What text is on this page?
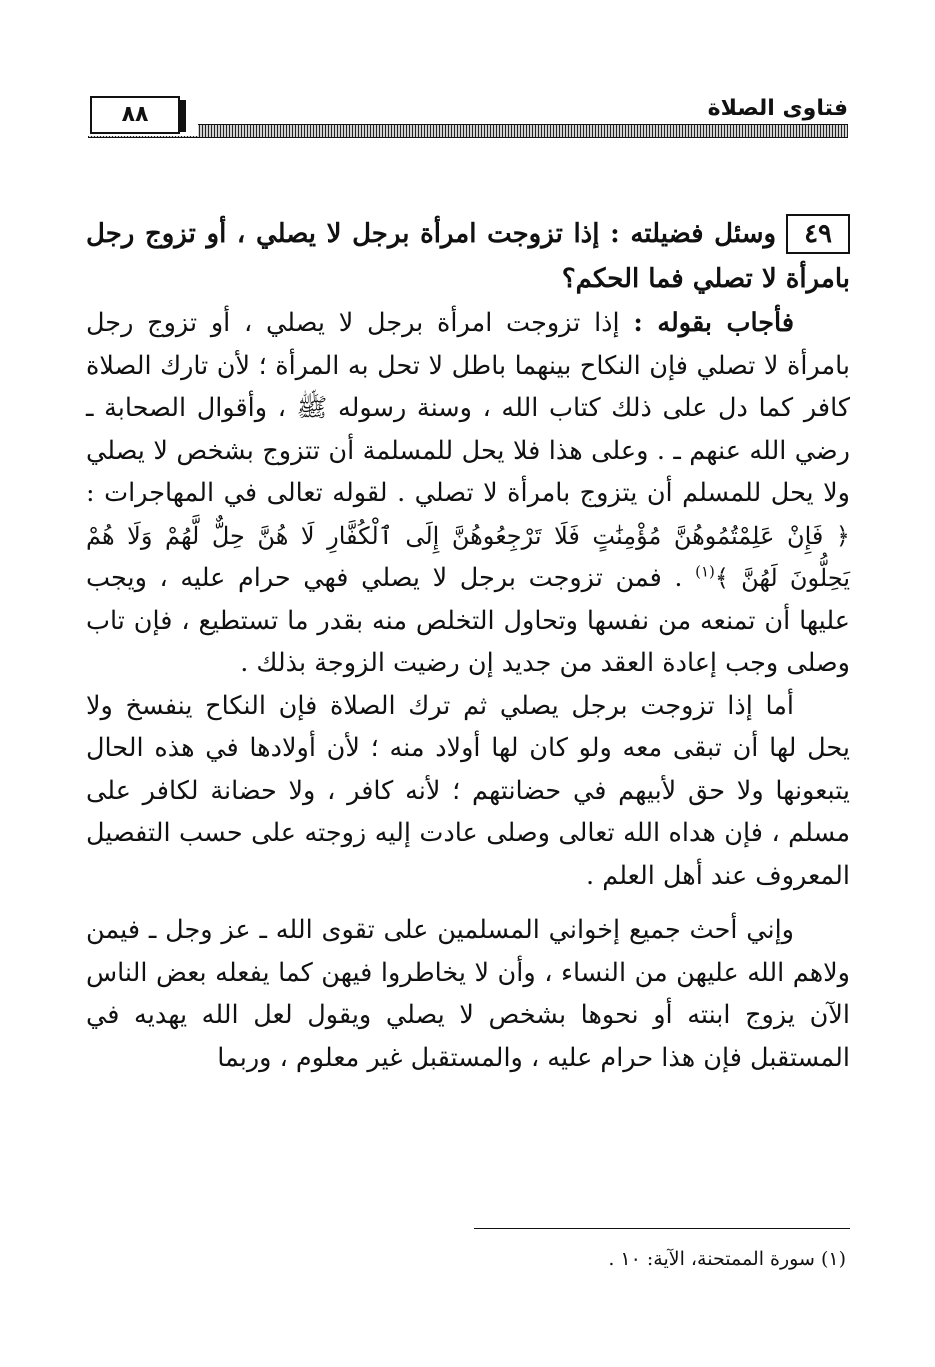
فتاوى الصلاة
٨٨

٤٩وسئل فضيلته : إذا تزوجت امرأة برجل لا يصلي ، أو تزوج رجل بامرأة لا تصلي فما الحكم؟

فأجاب بقوله : إذا تزوجت امرأة برجل لا يصلي ، أو تزوج رجل بامرأة لا تصلي فإن النكاح بينهما باطل لا تحل به المرأة ؛ لأن تارك الصلاة كافر كما دل على ذلك كتاب الله ، وسنة رسوله ﷺ ، وأقوال الصحابة ـ رضي الله عنهم ـ . وعلى هذا فلا يحل للمسلمة أن تتزوج بشخص لا يصلي ولا يحل للمسلم أن يتزوج بامرأة لا تصلي . لقوله تعالى في المهاجرات : ﴿ فَإِنْ عَلِمْتُمُوهُنَّ مُؤْمِنَٰتٍ فَلَا تَرْجِعُوهُنَّ إِلَى ٱلْكُفَّارِ لَا هُنَّ حِلٌّ لَّهُمْ وَلَا هُمْ يَحِلُّونَ لَهُنَّ ﴾$^{(١)}$ . فمن تزوجت برجل لا يصلي فهي حرام عليه ، ويجب عليها أن تمنعه من نفسها وتحاول التخلص منه بقدر ما تستطيع ، فإن تاب وصلى وجب إعادة العقد من جديد إن رضيت الزوجة بذلك .

أما إذا تزوجت برجل يصلي ثم ترك الصلاة فإن النكاح ينفسخ ولا يحل لها أن تبقى معه ولو كان لها أولاد منه ؛ لأن أولادها في هذه الحال يتبعونها ولا حق لأبيهم في حضانتهم ؛ لأنه كافر ، ولا حضانة لكافر على مسلم ، فإن هداه الله تعالى وصلى عادت إليه زوجته على حسب التفصيل المعروف عند أهل العلم .

وإني أحث جميع إخواني المسلمين على تقوى الله ـ عز وجل ـ فيمن ولاهم الله عليهن من النساء ، وأن لا يخاطروا فيهن كما يفعله بعض الناس الآن يزوج ابنته أو نحوها بشخص لا يصلي ويقول لعل الله يهديه في المستقبل فإن هذا حرام عليه ، والمستقبل غير معلوم ، وربما

(١) سورة الممتحنة، الآية: ١٠ .
